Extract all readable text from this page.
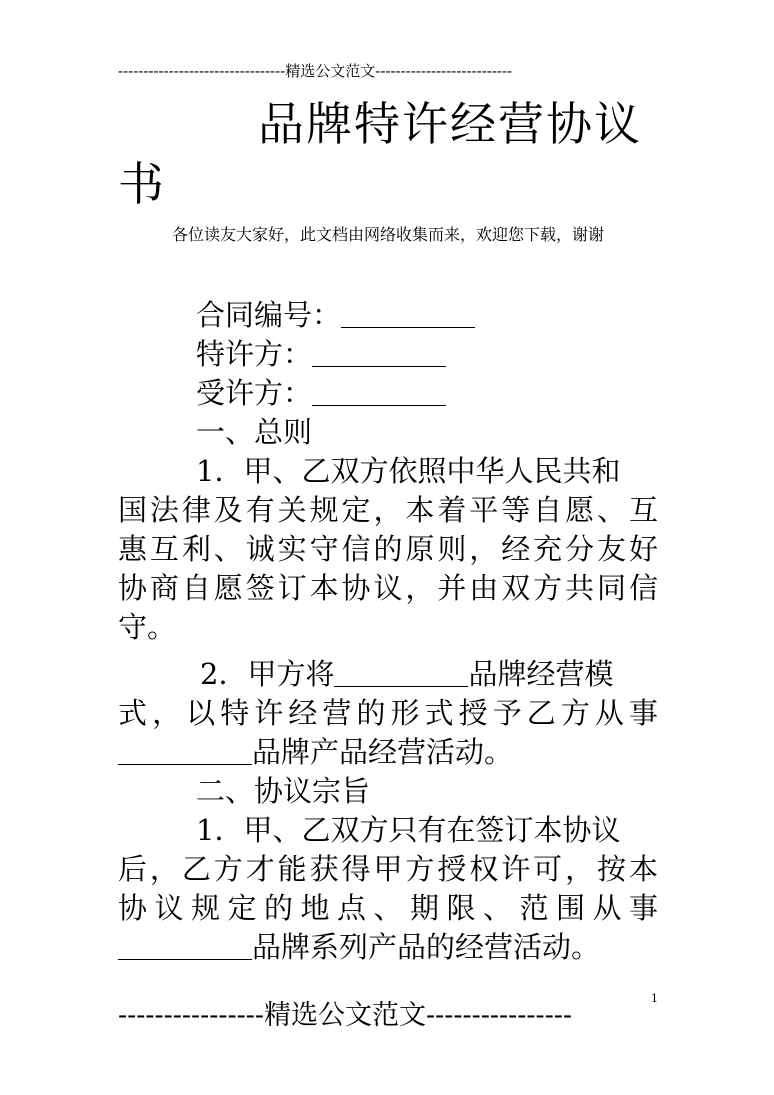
---------------------------------精选公文范文---------------------------
品牌特许经营协议
书
各位读友大家好，此文档由网络收集而来，欢迎您下载，谢谢
合同编号：
特许方：
受许方：
一、总则
1．甲、乙双方依照中华人民共和
国法律及有关规定，本着平等自愿、互
惠互利、诚实守信的原则，经充分友好
协商自愿签订本协议，并由双方共同信
守。
2．甲方将	品牌经营模
式，以特许经营的形式授予乙方从事
品牌产品经营活动。
二、协议宗旨
1．甲、乙双方只有在签订本协议
后，乙方才能获得甲方授权许可，按本
协议规定的地点、期限、范围从事
品牌系列产品的经营活动。
----------------精选公文范文----------------
1
